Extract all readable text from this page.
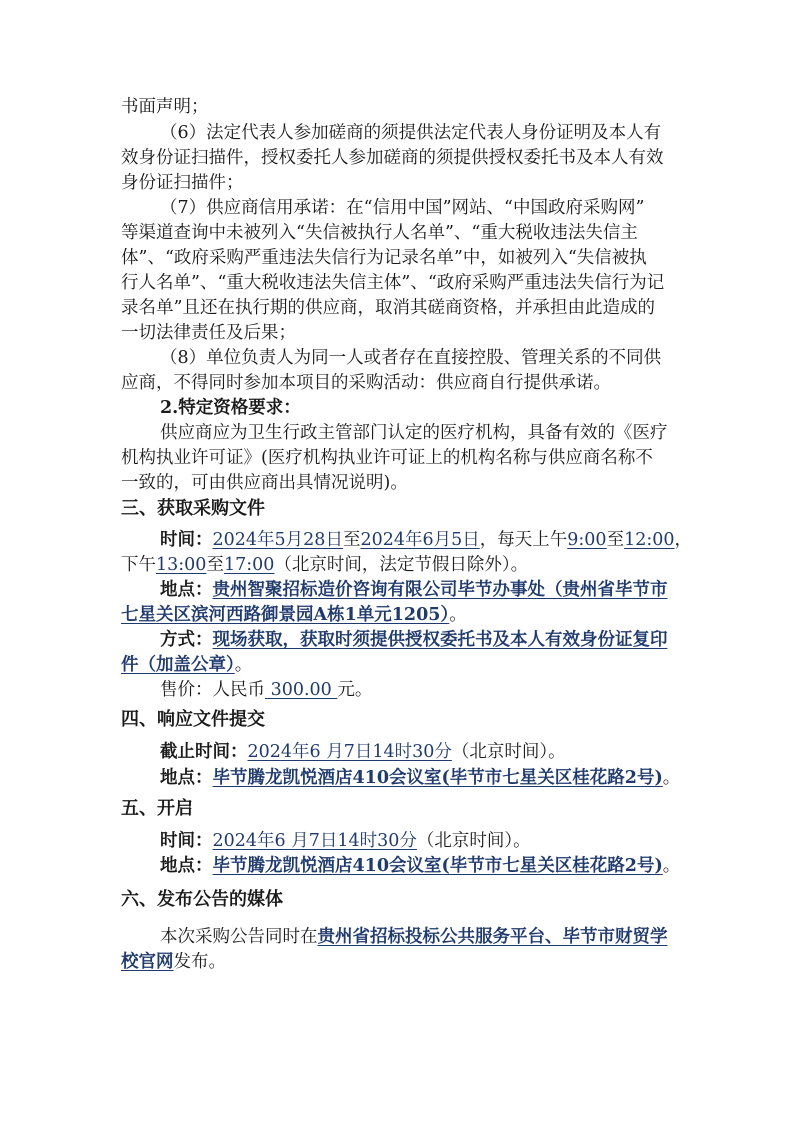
书面声明；
（6）法定代表人参加磋商的须提供法定代表人身份证明及本人有
效身份证扫描件，授权委托人参加磋商的须提供授权委托书及本人有效
身份证扫描件；
（7）供应商信用承诺：在“信用中国”网站、“中国政府采购网”
等渠道查询中未被列入“失信被执行人名单”、“重大税收违法失信主
体”、“政府采购严重违法失信行为记录名单”中，如被列入“失信被执
行人名单”、“重大税收违法失信主体”、“政府采购严重违法失信行为记
录名单”且还在执行期的供应商，取消其磋商资格，并承担由此造成的
一切法律责任及后果；
（8）单位负责人为同一人或者存在直接控股、管理关系的不同供
应商，不得同时参加本项目的采购活动：供应商自行提供承诺。
2.特定资格要求：
供应商应为卫生行政主管部门认定的医疗机构，具备有效的《医疗
机构执业许可证》(医疗机构执业许可证上的机构名称与供应商名称不
一致的，可由供应商出具情况说明)。
三、获取采购文件
时间：2024年5月28日至2024年6月5日，每天上午9:00至12:00，
下午13:00至17:00（北京时间，法定节假日除外）。
地点：贵州智聚招标造价咨询有限公司毕节办事处（贵州省毕节市
七星关区滨河西路御景园A栋1单元1205）。
方式：现场获取，获取时须提供授权委托书及本人有效身份证复印
件（加盖公章）。
售价：人民币 300.00 元。
四、响应文件提交
截止时间：2024年6 月7日14时30分（北京时间）。
地点：毕节腾龙凯悦酒店410会议室(毕节市七星关区桂花路2号)。
五、开启
时间：2024年6 月7日14时30分（北京时间）。
地点：毕节腾龙凯悦酒店410会议室(毕节市七星关区桂花路2号)。
六、发布公告的媒体
本次采购公告同时在贵州省招标投标公共服务平台、毕节市财贸学
校官网发布。
